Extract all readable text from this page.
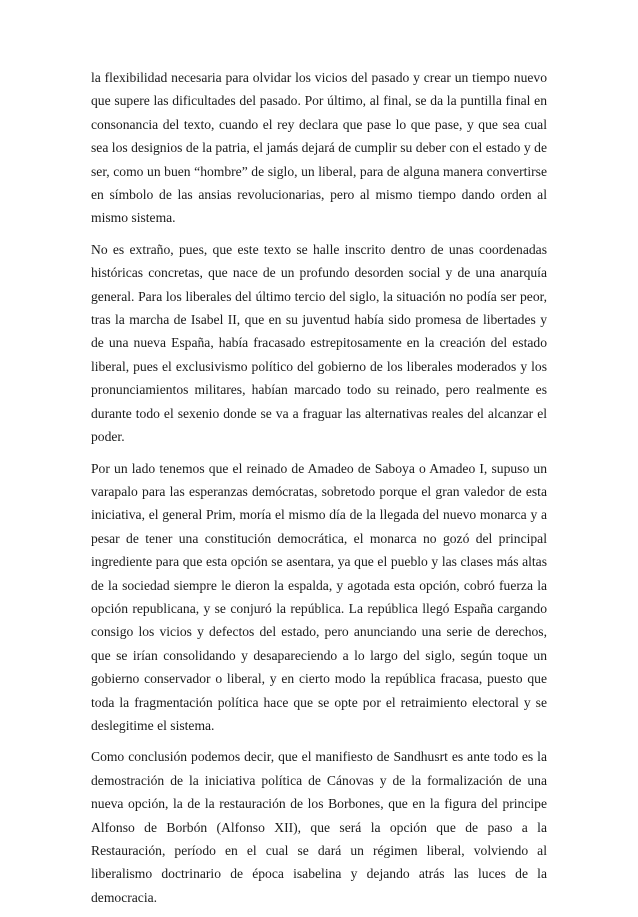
la flexibilidad necesaria para olvidar los vicios del pasado y crear un tiempo nuevo que supere las dificultades del pasado. Por último, al final, se da la puntilla final en consonancia del texto, cuando el rey declara que pase lo que pase, y que sea cual sea los designios de la patria, el jamás dejará de cumplir su deber con el estado y de ser, como un buen “hombre” de siglo, un liberal, para de alguna manera convertirse en símbolo de las ansias revolucionarias, pero al mismo tiempo dando orden al mismo sistema.

No es extraño, pues, que este texto se halle inscrito dentro de unas coordenadas históricas concretas, que nace de un profundo desorden social y de una anarquía general. Para los liberales del último tercio del siglo, la situación no podía ser peor, tras la marcha de Isabel II, que en su juventud había sido promesa de libertades y de una nueva España, había fracasado estrepitosamente en la creación del estado liberal, pues el exclusivismo político del gobierno de los liberales moderados y los pronunciamientos militares, habían marcado todo su reinado, pero realmente es durante todo el sexenio donde se va a fraguar las alternativas reales del alcanzar el poder.

Por un lado tenemos que el reinado de Amadeo de Saboya o Amadeo I, supuso un varapalo para las esperanzas demócratas, sobretodo porque el gran valedor de esta iniciativa, el general Prim, moría el mismo día de la llegada del nuevo monarca y a pesar de tener una constitución democrática, el monarca no gozó del principal ingrediente para que esta opción se asentara, ya que el pueblo y las clases más altas de la sociedad siempre le dieron la espalda, y agotada esta opción, cobró fuerza la opción republicana, y se conjuró la república. La república llegó España cargando consigo los vicios y defectos del estado, pero anunciando una serie de derechos, que se irían consolidando y desapareciendo a lo largo del siglo, según toque un gobierno conservador o liberal, y en cierto modo la república fracasa, puesto que toda la fragmentación política hace que se opte por el retraimiento electoral y se deslegitime el sistema.

Como conclusión podemos decir, que el manifiesto de Sandhusrt es ante todo es la demostración de la iniciativa política de Cánovas y de la formalización de una nueva opción, la de la restauración de los Borbones, que en la figura del principe Alfonso de Borbón (Alfonso XII), que será la opción que de paso a la Restauración, período en el cual se dará un régimen liberal, volviendo al liberalismo doctrinario de época isabelina y dejando atrás las luces de la democracia.
